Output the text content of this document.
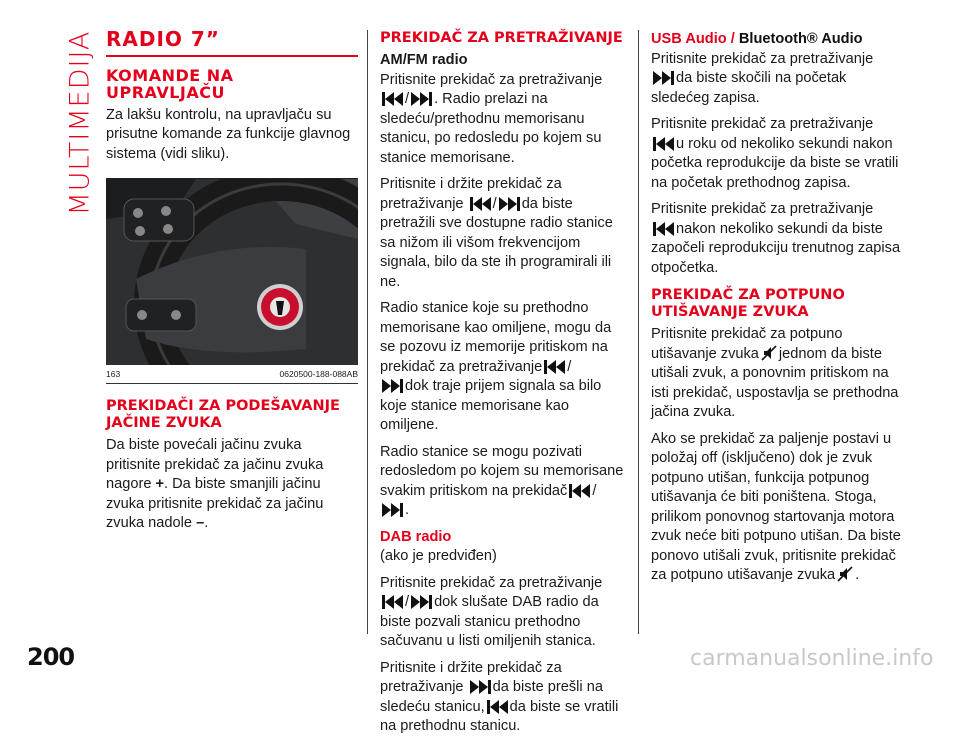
MULTIMEDIJA
200	carmanualsonline.info
RADIO 7”
KOMANDE NA UPRAVLJAČU

Za lakšu kontrolu, na upravljaču su prisutne komande za funkcije glavnog sistema (vidi sliku).

163	0620500-188-088AB
PREKIDAČI ZA PODEŠAVANJE JAČINE ZVUKA

Da biste povećali jačinu zvuka pritisnite prekidač za jačinu zvuka nagore +. Da biste smanjili jačinu zvuka pritisnite prekidač za jačinu zvuka nadole –.

PREKIDAČ ZA PRETRAŽIVANJE

AM/FM radio

Pritisnite prekidač za pretraživanje

/ . Radio prelazi na sledeću/prethodnu memorisanu stanicu, po redosledu po kojem su stanice memorisane.

Pritisnite i držite prekidač za pretraživanje / da biste pretražili sve dostupne radio stanice sa nižom ili višom frekvencijom signala, bilo da ste ih programirali ili ne.

Radio stanice koje su prethodno memorisane kao omiljene, mogu da se pozovu iz memorije pritiskom na prekidač za pretraživanje /

dok traje prijem signala sa bilo koje stanice memorisane kao omiljene.

Radio stanice se mogu pozivati redosledom po kojem su memorisane svakim pritiskom na prekidač /

.

DAB radio

(ako je predviđen)

Pritisnite prekidač za pretraživanje

/ dok slušate DAB radio da biste pozvali stanicu prethodno sačuvanu u listi omiljenih stanica.

Pritisnite i držite prekidač za pretraživanje da biste prešli na sledeću stanicu, da biste se vratili na prethodnu stanicu.

USB Audio / Bluetooth® Audio

Pritisnite prekidač za pretraživanje

da biste skočili na početak sledećeg zapisa.

Pritisnite prekidač za pretraživanje

u roku od nekoliko sekundi nakon početka reprodukcije da biste se vratili na početak prethodnog zapisa.

Pritisnite prekidač za pretraživanje

nakon nekoliko sekundi da biste započeli reprodukciju trenutnog zapisa otpočetka.

PREKIDAČ ZA POTPUNO UTIŠAVANJE ZVUKA

Pritisnite prekidač za potpuno utišavanje zvuka jednom da biste utišali zvuk, a ponovnim pritiskom na isti prekidač, uspostavlja se prethodna jačina zvuka.

Ako se prekidač za paljenje postavi u položaj off (isključeno) dok je zvuk potpuno utišan, funkcija potpunog utišavanja će biti poništena. Stoga, prilikom ponovnog startovanja motora zvuk neće biti potpuno utišan. Da biste ponovo utišali zvuk, pritisnite prekidač za potpuno utišavanje zvuka .
